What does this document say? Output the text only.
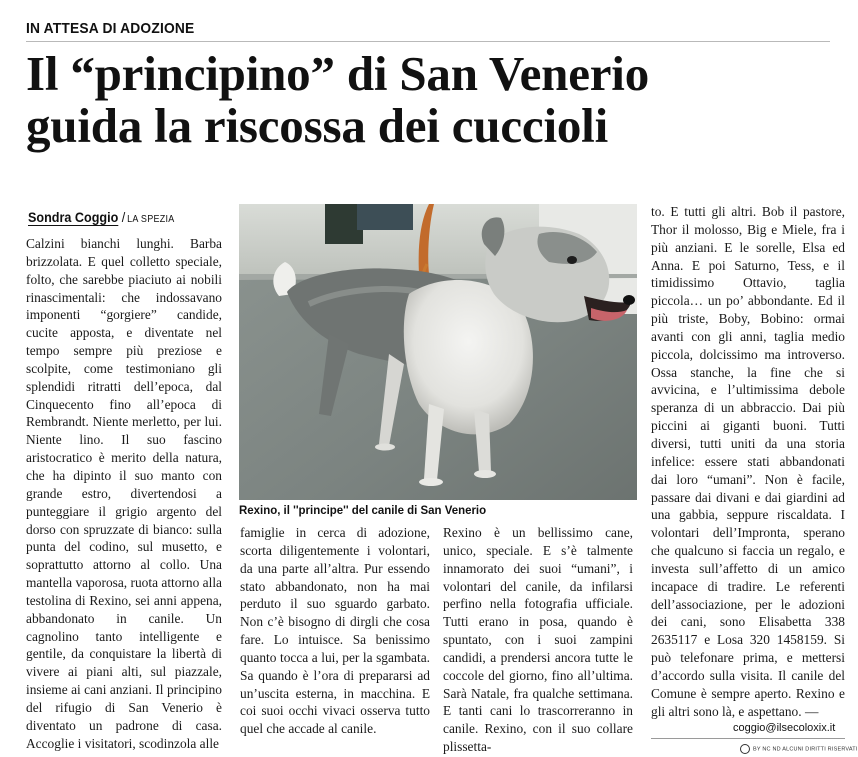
IN ATTESA DI ADOZIONE
Il “principino” di San Venerio
guida la riscossa dei cuccioli
Sondra Coggio / LA SPEZIA

Calzini bianchi lunghi. Barba brizzolata. E quel colletto speciale, folto, che sarebbe piaciuto ai nobili rinascimentali: che indossavano imponenti “gorgiere” candide, cucite apposta, e diventate nel tempo sempre più preziose e scolpite, come testimoniano gli splendidi ritratti dell’epoca, dal Cinquecento fino all’epoca di Rembrandt. Niente merletto, per lui. Niente lino. Il suo fascino aristocratico è merito della natura, che ha dipinto il suo manto con grande estro, divertendosi a punteggiare il grigio argento del dorso con spruzzate di bianco: sulla punta del codino, sul musetto, e soprattutto attorno al collo. Una mantella vaporosa, ruota attorno alla testolina di Rexino, sei anni appena, abbandonato in canile. Un cagnolino tanto intelligente e gentile, da conquistare la libertà di vivere ai piani alti, sul piazzale, insieme ai cani anziani. Il principino del rifugio di San Venerio è diventato un padrone di casa. Accoglie i visitatori, scodinzola alle

Rexino, il ''principe'' del canile di San Venerio

famiglie in cerca di adozione, scorta diligentemente i volontari, da una parte all’altra. Pur essendo stato abbandonato, non ha mai perduto il suo sguardo garbato. Non c’è bisogno di dirgli che cosa fare. Lo intuisce. Sa benissimo quanto tocca a lui, per la sgambata. Sa quando è l’ora di prepararsi ad un’uscita esterna, in macchina. E coi suoi occhi vivaci osserva tutto quel che accade al canile.

Rexino è un bellissimo cane, unico, speciale. E s’è talmente innamorato dei suoi “umani”, i volontari del canile, da infilarsi perfino nella fotografia ufficiale. Tutti erano in posa, quando è spuntato, con i suoi zampini candidi, a prendersi ancora tutte le coccole del giorno, fino all’ultima. Sarà Natale, fra qualche settimana. E tanti cani lo trascorreranno in canile. Rexino, con il suo collare plissetta-

to. E tutti gli altri. Bob il pastore, Thor il molosso, Big e Miele, fra i più anziani. E le sorelle, Elsa ed Anna. E poi Saturno, Tess, e il timidissimo Ottavio, taglia piccola… un po’ abbondante. Ed il più triste, Boby, Bobino: ormai avanti con gli anni, taglia medio piccola, dolcissimo ma introverso. Ossa stanche, la fine che si avvicina, e l’ultimissima debole speranza di un abbraccio. Dai più piccini ai giganti buoni. Tutti diversi, tutti uniti da una storia infelice: essere stati abbandonati dai loro “umani”. Non è facile, passare dai divani e dai giardini ad una gabbia, seppure riscaldata. I volontari dell’Impronta, sperano che qualcuno si faccia un regalo, e investa sull’affetto di un amico incapace di tradire. Le referenti dell’associazione, per le adozioni dei cani, sono Elisabetta 338 2635117 e Losa 320 1458159. Si può telefonare prima, e mettersi d’accordo sulla visita. Il canile del Comune è sempre aperto. Rexino e gli altri sono là, e aspettano. —

coggio@ilsecoloxix.it
BY NC ND ALCUNI DIRITTI RISERVATI
